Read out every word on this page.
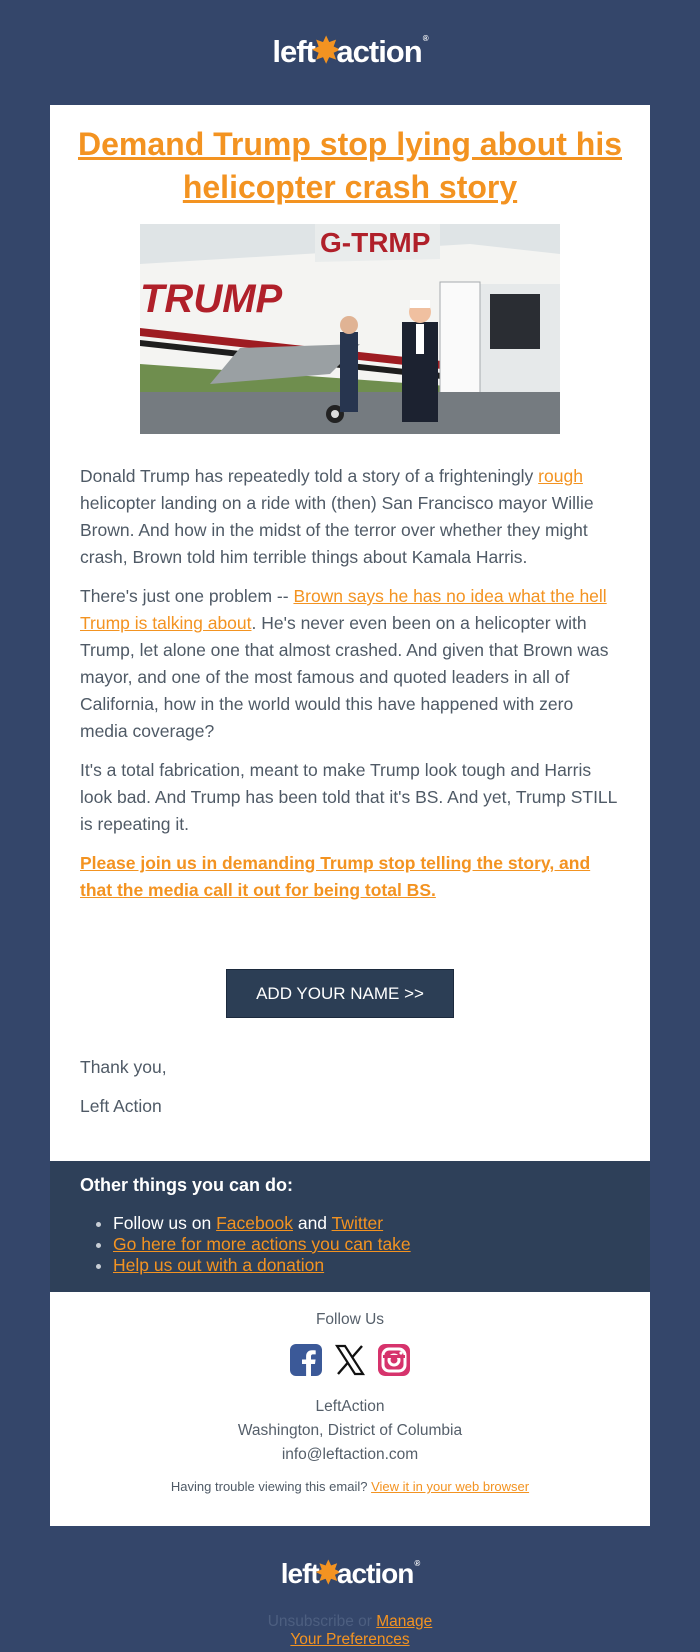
left
✸
action ®
Demand Trump stop lying about his helicopter crash story
G-TRMP
TRUMP

Donald Trump has repeatedly told a story of a frighteningly rough helicopter landing on a ride with (then) San Francisco mayor Willie Brown. And how in the midst of the terror over whether they might crash, Brown told him terrible things about Kamala Harris.

There's just one problem -- Brown says he has no idea what the hell Trump is talking about. He's never even been on a helicopter with Trump, let alone one that almost crashed. And given that Brown was mayor, and one of the most famous and quoted leaders in all of California, how in the world would this have happened with zero media coverage?

It's a total fabrication, meant to make Trump look tough and Harris look bad. And Trump has been told that it's BS. And yet, Trump STILL is repeating it.

Please join us in demanding Trump stop telling the story, and that the media call it out for being total BS.

ADD YOUR NAME >>
Thank you,
Left Action
Other things you can do:
• Follow us on Facebook and Twitter
• Go here for more actions you can take
• Help us out with a donation
Follow Us
LeftAction
Washington, District of Columbia
info@leftaction.com
Having trouble viewing this email? View it in your web browser
left
✸
action ®
Unsubscribe or Manage
Your Preferences
